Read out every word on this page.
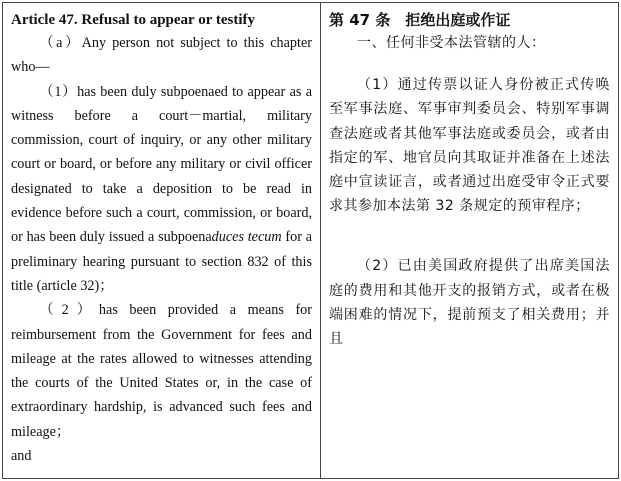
Article 47. Refusal to appear or testify

（a）Any person not subject to this chapter who—

（1）has been duly subpoenaed to appear as a witness before a court－martial, military commission, court of inquiry, or any other military court or board, or before any military or civil officer designated to take a deposition to be read in evidence before such a court, commission, or board, or has been duly issued a subpoenaduces tecum for a preliminary hearing pursuant to section 832 of this title (article 32)；

（2）has been provided a means for reimbursement from the Government for fees and mileage at the rates allowed to witnesses attending the courts of the United States or, in the case of extraordinary hardship, is advanced such fees and mileage；

and

第 47 条　拒绝出庭或作证

一、任何非受本法管辖的人：

（1）通过传票以证人身份被正式传唤至军事法庭、军事审判委员会、特别军事调查法庭或者其他军事法庭或委员会，或者由指定的军、地官员向其取证并准备在上述法庭中宣读证言，或者通过出庭受审令正式要求其参加本法第 32 条规定的预审程序；

（2）已由美国政府提供了出席美国法庭的费用和其他开支的报销方式，或者在极端困难的情况下，提前预支了相关费用；并且
